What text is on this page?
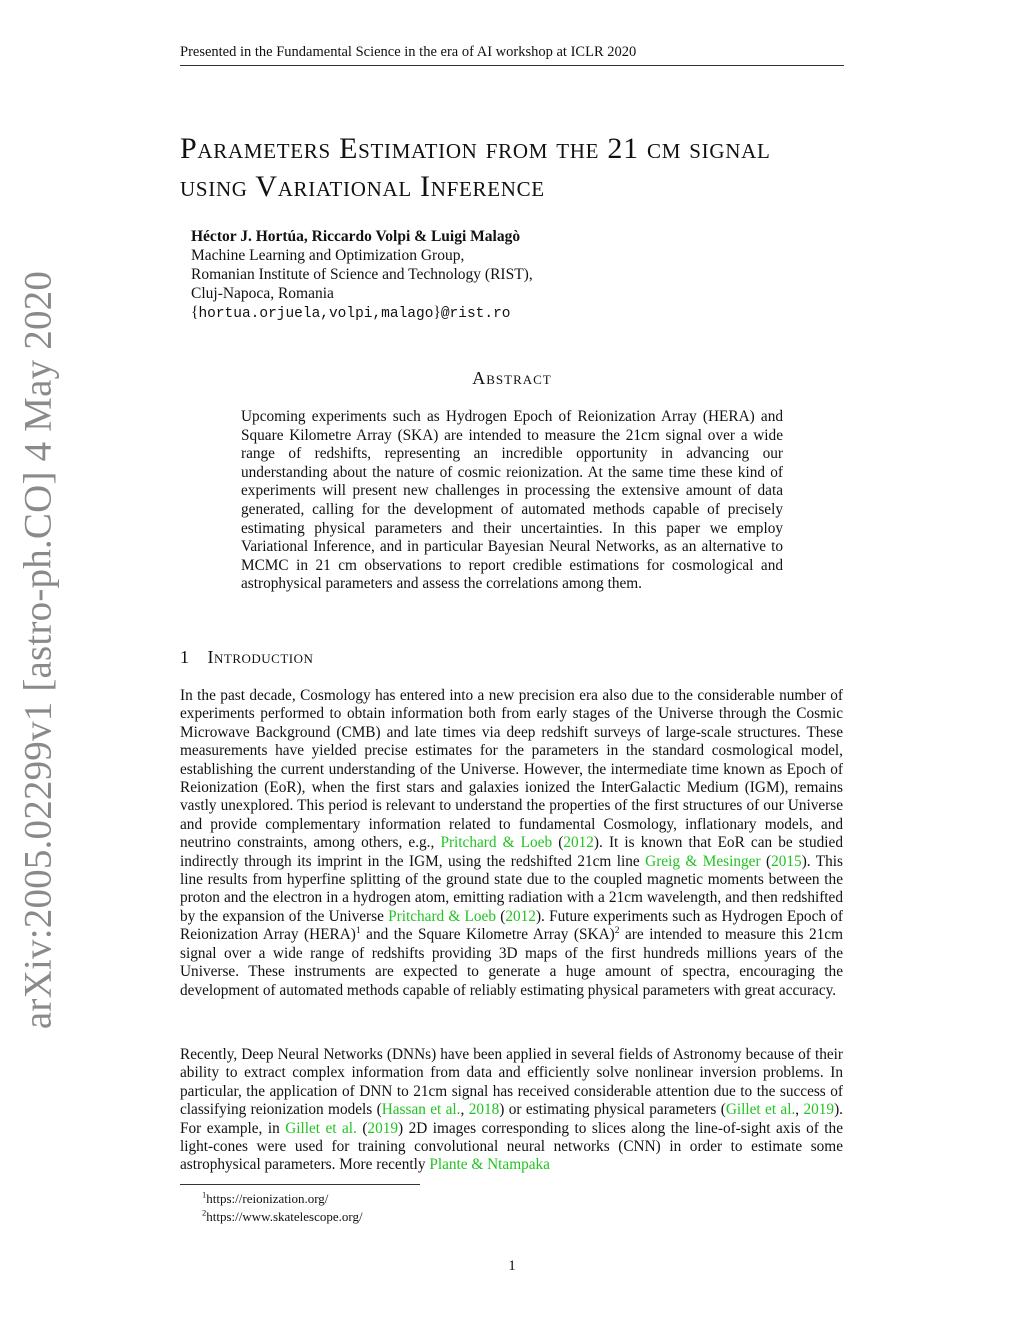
Presented in the Fundamental Science in the era of AI workshop at ICLR 2020
arXiv:2005.02299v1 [astro-ph.CO] 4 May 2020
Parameters Estimation from the 21 cm signal
using Variational Inference
Héctor J. Hortúa, Riccardo Volpi & Luigi Malagò
Machine Learning and Optimization Group,
Romanian Institute of Science and Technology (RIST),
Cluj-Napoca, Romania
{hortua.orjuela,volpi,malago}@rist.ro
Abstract

Upcoming experiments such as Hydrogen Epoch of Reionization Array (HERA) and Square Kilometre Array (SKA) are intended to measure the 21cm signal over a wide range of redshifts, representing an incredible opportunity in advancing our understanding about the nature of cosmic reionization. At the same time these kind of experiments will present new challenges in processing the extensive amount of data generated, calling for the development of automated methods capable of precisely estimating physical parameters and their uncertainties. In this paper we employ Variational Inference, and in particular Bayesian Neural Networks, as an alternative to MCMC in 21 cm observations to report credible estimations for cosmological and astrophysical parameters and assess the correlations among them.

1 Introduction

In the past decade, Cosmology has entered into a new precision era also due to the considerable number of experiments performed to obtain information both from early stages of the Universe through the Cosmic Microwave Background (CMB) and late times via deep redshift surveys of large-scale structures. These measurements have yielded precise estimates for the parameters in the standard cosmological model, establishing the current understanding of the Universe. However, the intermediate time known as Epoch of Reionization (EoR), when the first stars and galaxies ionized the InterGalactic Medium (IGM), remains vastly unexplored. This period is relevant to understand the properties of the first structures of our Universe and provide complementary information related to fundamental Cosmology, inflationary models, and neutrino constraints, among others, e.g., Pritchard & Loeb (2012). It is known that EoR can be studied indirectly through its imprint in the IGM, using the redshifted 21cm line Greig & Mesinger (2015). This line results from hyperfine splitting of the ground state due to the coupled magnetic moments between the proton and the electron in a hydrogen atom, emitting radiation with a 21cm wavelength, and then redshifted by the expansion of the Universe Pritchard & Loeb (2012). Future experiments such as Hydrogen Epoch of Reionization Array (HERA)$^1$ and the Square Kilometre Array (SKA)$^2$ are intended to measure this 21cm signal over a wide range of redshifts providing 3D maps of the first hundreds millions years of the Universe. These instruments are expected to generate a huge amount of spectra, encouraging the development of automated methods capable of reliably estimating physical parameters with great accuracy.

Recently, Deep Neural Networks (DNNs) have been applied in several fields of Astronomy because of their ability to extract complex information from data and efficiently solve nonlinear inversion problems. In particular, the application of DNN to 21cm signal has received considerable attention due to the success of classifying reionization models (Hassan et al., 2018) or estimating physical parameters (Gillet et al., 2019). For example, in Gillet et al. (2019) 2D images corresponding to slices along the line-of-sight axis of the light-cones were used for training convolutional neural networks (CNN) in order to estimate some astrophysical parameters. More recently Plante & Ntampaka

$^1$https://reionization.org/
$^2$https://www.skatelescope.org/
1
